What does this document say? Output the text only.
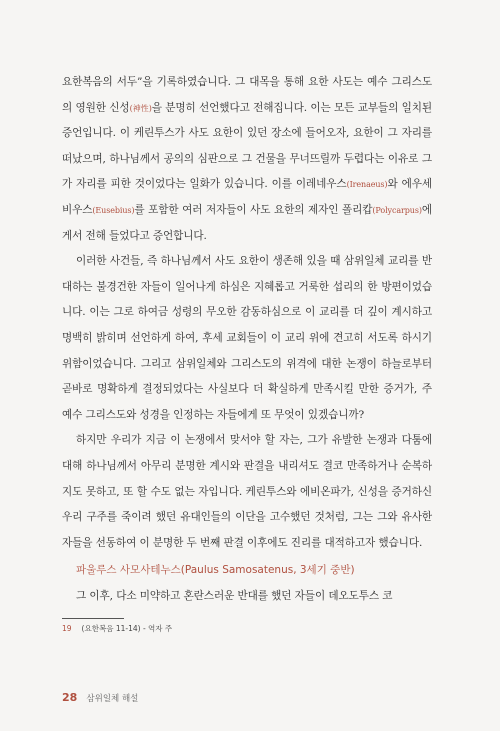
요한복음의 서두”을 기록하였습니다. 그 대목을 통해 요한 사도는 예수 그리스도의 영원한 신성(神性)을 분명히 선언했다고 전해집니다. 이는 모든 교부들의 일치된 증언입니다. 이 케린투스가 사도 요한이 있던 장소에 들어오자, 요한이 그 자리를 떠났으며, 하나님께서 공의의 심판으로 그 건물을 무너뜨릴까 두렵다는 이유로 그가 자리를 피한 것이었다는 일화가 있습니다. 이를 이레네우스(Irenaeus)와 에우세비우스(Eusebius)를 포함한 여러 저자들이 사도 요한의 제자인 폴리캅(Polycarpus)에게서 전해 들었다고 증언합니다.

이러한 사건들, 즉 하나님께서 사도 요한이 생존해 있을 때 삼위일체 교리를 반대하는 불경건한 자들이 일어나게 하심은 지혜롭고 거룩한 섭리의 한 방편이었습니다. 이는 그로 하여금 성령의 무오한 감동하심으로 이 교리를 더 깊이 계시하고 명백히 밝히며 선언하게 하여, 후세 교회들이 이 교리 위에 견고히 서도록 하시기 위함이었습니다. 그리고 삼위일체와 그리스도의 위격에 대한 논쟁이 하늘로부터 곧바로 명확하게 결정되었다는 사실보다 더 확실하게 만족시킬 만한 증거가, 주 예수 그리스도와 성경을 인정하는 자들에게 또 무엇이 있겠습니까?

하지만 우리가 지금 이 논쟁에서 맞서야 할 자는, 그가 유발한 논쟁과 다툼에 대해 하나님께서 아무리 분명한 계시와 판결을 내리셔도 결코 만족하거나 순복하지도 못하고, 또 할 수도 없는 자입니다. 케린투스와 에비온파가, 신성을 증거하신 우리 구주를 죽이려 했던 유대인들의 이단을 고수했던 것처럼, 그는 그와 유사한 자들을 선동하여 이 분명한 두 번째 판결 이후에도 진리를 대적하고자 했습니다.

파울루스 사모사테누스(Paulus Samosatenus, 3세기 중반)

그 이후, 다소 미약하고 혼란스러운 반대를 했던 자들이 데오도투스 코

19 (요한복음 11-14) - 역자 주
28 삼위일체 해설
